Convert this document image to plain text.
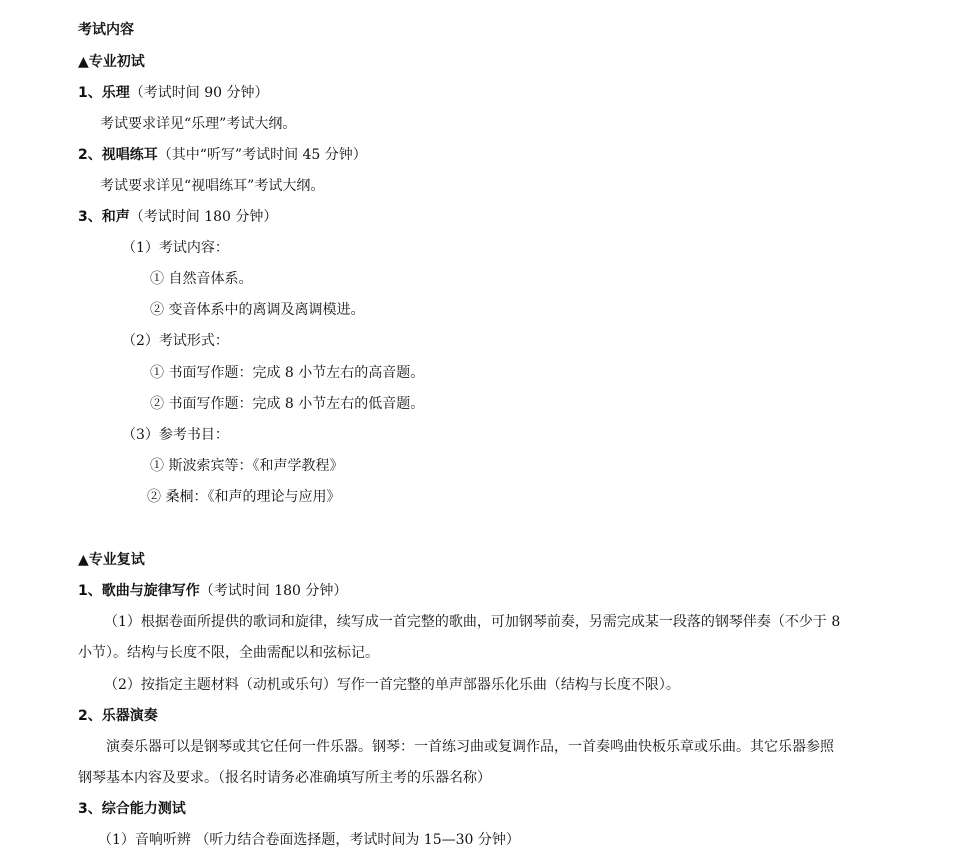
考试内容
▲专业初试
1、乐理（考试时间 90 分钟）
考试要求详见“乐理”考试大纲。
2、视唱练耳（其中“听写”考试时间 45 分钟）
考试要求详见“视唱练耳”考试大纲。
3、和声（考试时间 180 分钟）
（1）考试内容：
① 自然音体系。
② 变音体系中的离调及离调模进。
（2）考试形式：
① 书面写作题：完成 8 小节左右的高音题。
② 书面写作题：完成 8 小节左右的低音题。
（3）参考书目：
① 斯波索宾等：《和声学教程》
② 桑桐：《和声的理论与应用》
▲专业复试
1、歌曲与旋律写作（考试时间 180 分钟）
（1）根据卷面所提供的歌词和旋律，续写成一首完整的歌曲，可加钢琴前奏，另需完成某一段落的钢琴伴奏（不少于 8
小节）。结构与长度不限，全曲需配以和弦标记。
（2）按指定主题材料（动机或乐句）写作一首完整的单声部器乐化乐曲（结构与长度不限）。
2、乐器演奏
演奏乐器可以是钢琴或其它任何一件乐器。钢琴：一首练习曲或复调作品，一首奏鸣曲快板乐章或乐曲。其它乐器参照
钢琴基本内容及要求。（报名时请务必准确填写所主考的乐器名称）
3、综合能力测试
（1）音响听辨 （听力结合卷面选择题，考试时间为 15—30 分钟）
